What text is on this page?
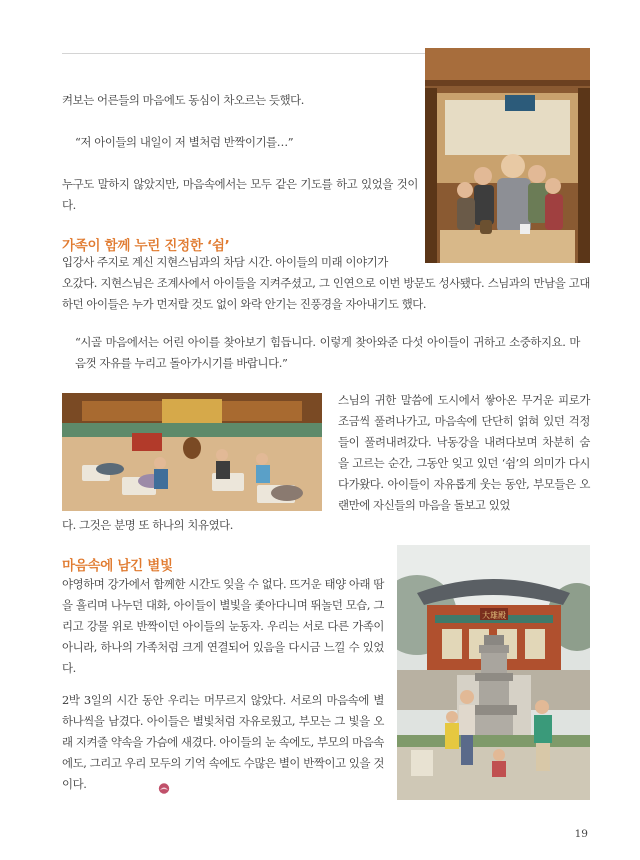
켜보는 어른들의 마음에도 동심이 차오르는 듯했다.

“저 아이들의 내일이 저 별처럼 반짝이기를…”

누구도 말하지 않았지만, 마음속에서는 모두 같은 기도를 하고 있었을 것이다.

가족이 함께 누린 진정한 ‘쉼’

입강사 주지로 계신 지현스님과의 차담 시간. 아이들의 미래 이야기가

오갔다. 지현스님은 조계사에서 아이들을 지켜주셨고, 그 인연으로 이번 방문도 성사됐다. 스님과의 만남을 고대하던 아이들은 누가 먼저랄 것도 없이 와락 안기는 진풍경을 자아내기도 했다.

“시골 마음에서는 어린 아이를 찾아보기 힘듭니다. 이렇게 찾아와준 다섯 아이들이 귀하고 소중하지요. 마음껏 자유를 누리고 돌아가시기를 바랍니다.”

스님의 귀한 말씀에 도시에서 쌓아온 무거운 피로가 조금씩 풀려나가고, 마음속에 단단히 얽혀 있던 걱정들이 풀려내려갔다. 낙동강을 내려다보며 차분히 숨을 고르는 순간, 그동안 잊고 있던 ‘쉼’의 의미가 다시 다가왔다. 아이들이 자유롭게 웃는 동안, 부모들은 오랜만에 자신들의 마음을 돌보고 있었

다. 그것은 분명 또 하나의 치유였다.

마음속에 남긴 별빛

야영하며 강가에서 함께한 시간도 잊을 수 없다. 뜨거운 태양 아래 땀을 흘리며 나누던 대화, 아이들이 별빛을 좇아다니며 뛰놀던 모습, 그리고 강물 위로 반짝이던 아이들의 눈동자. 우리는 서로 다른 가족이 아니라, 하나의 가족처럼 크게 연결되어 있음을 다시금 느낄 수 있었다.

2박 3일의 시간 동안 우리는 머무르지 않았다. 서로의 마음속에 별 하나씩을 남겼다. 아이들은 별빛처럼 자유로웠고, 부모는 그 빛을 오래 지켜줄 약속을 가슴에 새겼다. 아이들의 눈 속에도, 부모의 마음속에도, 그리고 우리 모두의 기억 속에도 수많은 별이 반짝이고 있을 것이다.

大雄殿
19
